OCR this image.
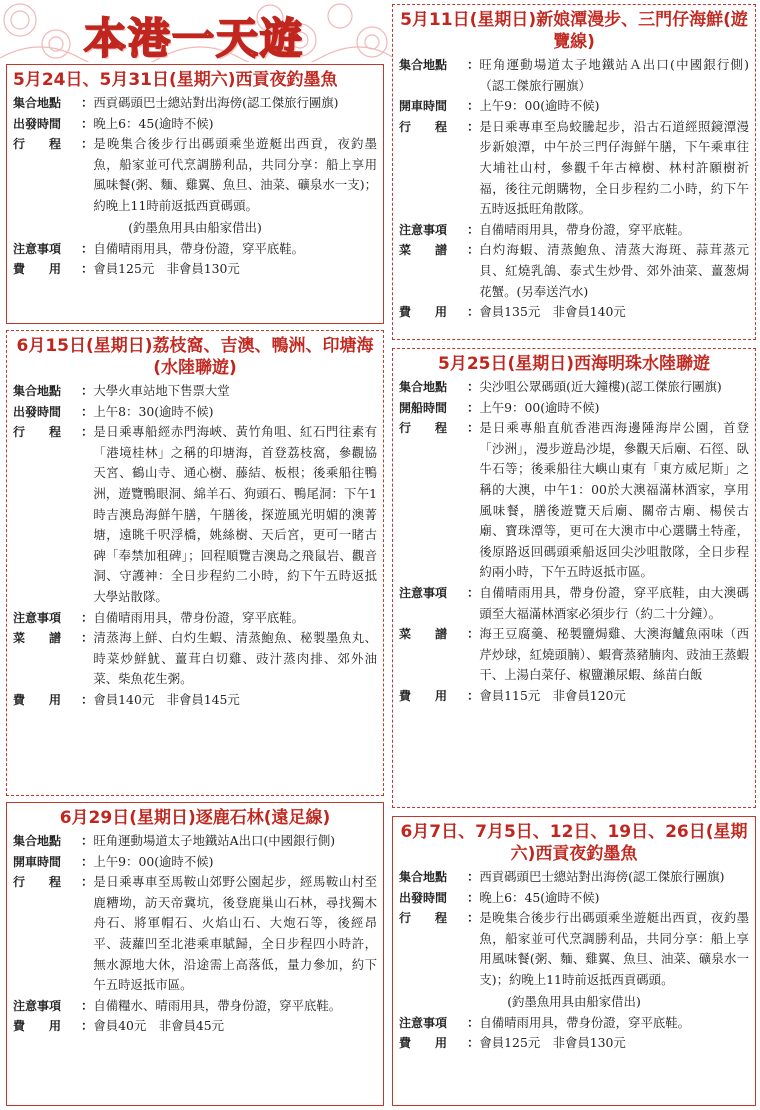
本港一天遊
5月24日、5月31日(星期六)西貢夜釣墨魚
集合地點	： 西貢碼頭巴士總站對出海傍(認工傑旅行團旗)
出發時間	： 晚上6：45(逾時不候)
行　　程	： 是晚集合後步行出碼頭乘坐遊艇出西貢，夜釣墨魚，船家並可代烹調勝利品，共同分享：船上享用風味餐(粥、麵、雞翼、魚旦、油菜、礦泉水一支)；約晚上11時前返抵西貢碼頭。
(釣墨魚用具由船家借出)
注意事項	： 自備晴雨用具，帶身份證，穿平底鞋。
費　　用	： 會員125元　非會員130元
6月15日(星期日)荔枝窩、吉澳、鴨洲、印塘海(水陸聯遊)
集合地點	： 大學火車站地下售票大堂
出發時間	： 上午8：30(逾時不候)
行　　程	： 是日乘專船經赤門海峽、黃竹角咀、紅石門往素有「港境桂林」之稱的印塘海，首登荔枝窩，參觀協天宮、鶴山寺、通心樹、藤結、板根；後乘船往鴨洲，遊覽鴨眼洞、綿羊石、狗頭石、鴨尾洞：下午1時吉澳島海鮮午膳，午膳後，探遊風光明媚的澳菁塘，遠眺千呎浮橋，姚絲樹、天后宮，更可一睹古碑「奉禁加租碑」；回程順覽吉澳島之飛鼠岩、觀音洞、守護神：全日步程約二小時，約下午五時返抵大學站散隊。
注意事項	： 自備晴雨用具，帶身份證，穿平底鞋。
菜　　譜	： 清蒸海上鮮、白灼生蝦、清蒸鮑魚、秘製墨魚丸、時菜炒鮮魷、薑茸白切雞、豉汁蒸肉排、郊外油菜、柴魚花生粥。
費　　用	： 會員140元　非會員145元
6月29日(星期日)逐鹿石林(遠足線)
集合地點	： 旺角運動場道太子地鐵站A出口(中國銀行側)
開車時間	： 上午9：00(逾時不候)
行　　程	： 是日乘專車至馬鞍山郊野公園起步，經馬鞍山村至鹿糟坳，訪天帝冀坑，後登鹿巢山石林，尋找獨木舟石、將軍帽石、火焰山石、大炮石等，後經昂平、菠蘿凹至北港乘車賦歸，全日步程四小時許，無水源地大休，沿途需上高落低，量力參加，約下午五時返抵市區。
注意事項	： 自備糧水、晴雨用具，帶身份證，穿平底鞋。
費　　用	： 會員40元　非會員45元
5月11日(星期日)新娘潭漫步、三門仔海鮮(遊覽線)
集合地點	： 旺角運動場道太子地鐵站Ａ出口(中國銀行側)（認工傑旅行團旗）
開車時間	： 上午9：00(逾時不候)
行　　程	： 是日乘專車至烏蛟騰起步，沿古石道經照鏡潭漫步新娘潭，中午於三門仔海鮮午膳，下午乘車往大埔社山村，參觀千年古樟樹、林村許願樹祈福，後往元朗購物，全日步程約二小時，約下午五時返抵旺角散隊。
注意事項	： 自備晴雨用具，帶身份證，穿平底鞋。
菜　　譜	： 白灼海蝦、清蒸鮑魚、清蒸大海斑、蒜茸蒸元貝、紅燒乳鴿、泰式生炒骨、郊外油菜、薑葱焗花蟹。(另奉送汽水)
費　　用	： 會員135元　非會員140元
5月25日(星期日)西海明珠水陸聯遊
集合地點	： 尖沙咀公眾碼頭(近大鐘樓)(認工傑旅行團旗)
開船時間	： 上午9：00(逾時不候)
行　　程	： 是日乘專船直航香港西海邊陲海岸公園，首登「沙洲」，漫步遊島沙堤，參觀天后廟、石徑、臥牛石等；後乘船往大嶼山東有「東方威尼斯」之稱的大澳，中午1：00於大澳福滿林酒家，享用風味餐，膳後遊覽天后廟、關帝古廟、楊侯古廟、寶珠潭等，更可在大澳市中心選購土特產，後原路返回碼頭乘船返回尖沙咀散隊，全日步程約兩小時，下午五時返抵市區。
注意事項	： 自備晴雨用具，帶身份證，穿平底鞋，由大澳碼頭至大福滿林酒家必須步行（約二十分鐘）。
菜　　譜	： 海王豆腐羹、秘製鹽焗雞、大澳海鱸魚兩味（西芹炒球，紅燒頭腩）、蝦膏蒸豬腩肉、豉油王蒸蝦干、上湯白菜仔、椒鹽瀨尿蝦、絲苗白飯
費　　用	： 會員115元　非會員120元
6月7日、7月5日、12日、19日、26日(星期六)西貢夜釣墨魚
集合地點	： 西貢碼頭巴士總站對出海傍(認工傑旅行團旗)
出發時間	： 晚上6：45(逾時不候)
行　　程	： 是晚集合後步行出碼頭乘坐遊艇出西貢，夜釣墨魚，船家並可代烹調勝利品，共同分享：船上享用風味餐(粥、麵、雞翼、魚旦、油菜、礦泉水一支)；約晚上11時前返抵西貢碼頭。
(釣墨魚用具由船家借出)
注意事項	： 自備晴雨用具，帶身份證，穿平底鞋。
費　　用	： 會員125元　非會員130元
